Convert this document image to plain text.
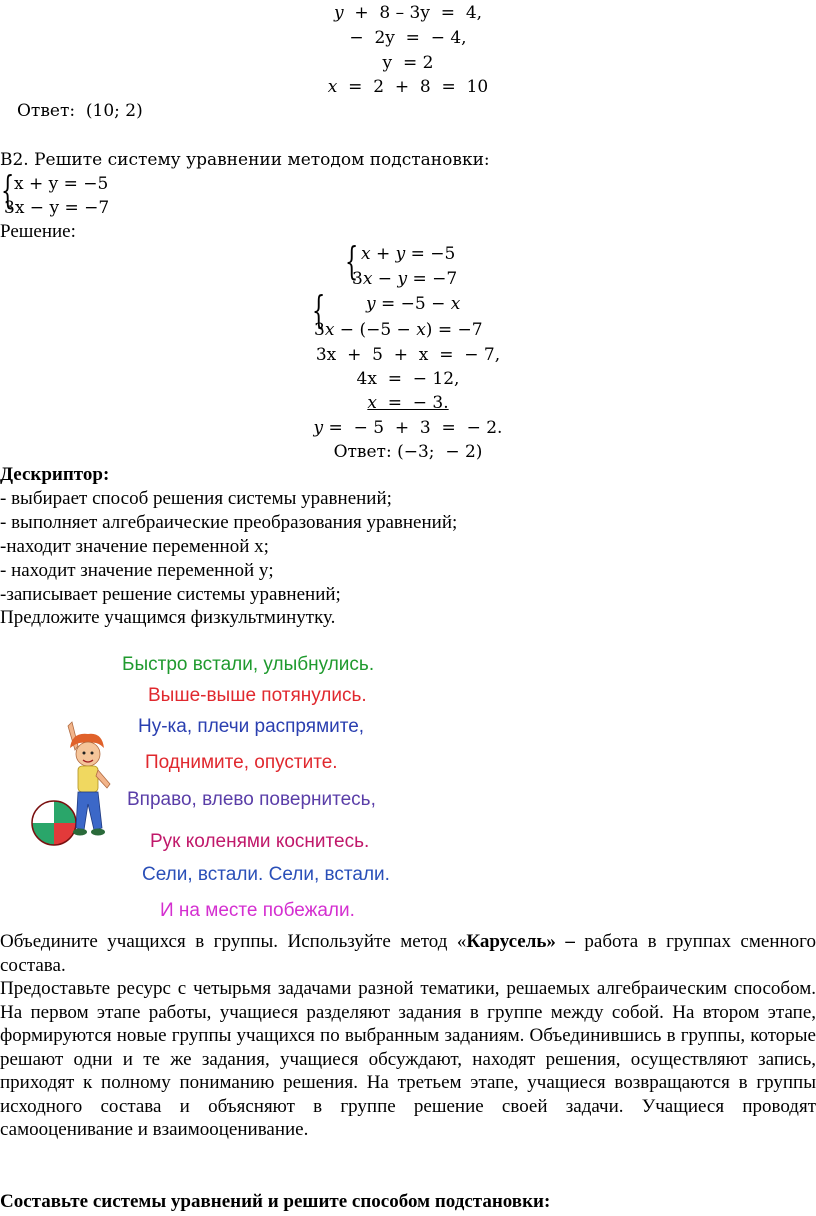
𝑦  +  8 – 3y  =  4,
−  2y  =  − 4,
y  = 2
𝑥  =  2  +  8  =  10
Ответ:  (10; 2)
B2. Решите систему уравнении методом подстановки:
{ x + y = −5
3x − y = −7
Решение:
{ 𝑥 + 𝑦 = −5
3𝑥 − 𝑦 = −7
{ 𝑦 = −5 − 𝑥
3𝑥 − (−5 − 𝑥) = −7
3x  +  5  +  x  =  − 7,
4x  =  − 12,
𝑥  =  − 3.
𝑦 =  − 5  +  3  =  − 2.
Ответ: (−3;  − 2)
Дескриптор:
- выбирает способ решения системы уравнений;
- выполняет алгебраические преобразования уравнений;
-находит значение переменной x;
- находит значение переменной y;
-записывает решение системы уравнений;
Предложите учащимся физкультминутку.
Быстро встали, улыбнулись.
Выше-выше потянулись.
Ну-ка, плечи распрямите,
Поднимите, опустите.
Вправо, влево повернитесь,
Рук коленями коснитесь.
Сели, встали. Сели, встали.
И на месте побежали.
Объедините учащихся в группы. Используйте метод «Карусель» – работа в группах сменного состава.
Предоставьте ресурс с четырьмя задачами разной тематики, решаемых алгебраическим способом. На первом этапе работы, учащиеся разделяют задания в группе между собой. На втором этапе, формируются новые группы учащихся по выбранным заданиям. Объединившись в группы, которые решают одни и те же задания, учащиеся обсуждают, находят решения, осуществляют запись, приходят к полному пониманию решения. На третьем этапе, учащиеся возвращаются в группы исходного состава и объясняют в группе решение своей задачи. Учащиеся проводят самооценивание и взаимооценивание.
Составьте системы уравнений и решите способом подстановки:
